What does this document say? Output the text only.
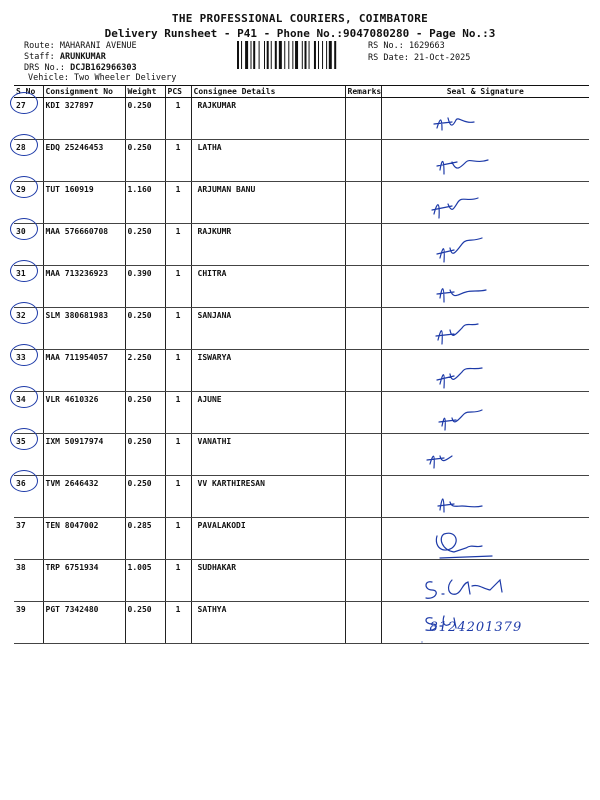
THE PROFESSIONAL COURIERS, COIMBATORE
Delivery Runsheet - P41 - Phone No.:9047080280 - Page No.:3
Route: MAHARANI AVENUE
Staff: ARUNKUMAR
DRS No.: DCJB162966303
Vehicle: Two Wheeler Delivery
RS No.: 1629663
RS Date: 21-Oct-2025
S No	Consignment No	Weight	PCS	Consignee Details	Remarks	Seal & Signature

27	KDI 327897	0.250	1	RAJKUMAR		

28	EDQ 25246453	0.250	1	LATHA		

29	TUT 160919	1.160	1	ARJUMAN BANU		

30	MAA 576660708	0.250	1	RAJKUMR		

31	MAA 713236923	0.390	1	CHITRA		

32	SLM 380681983	0.250	1	SANJANA		

33	MAA 711954057	2.250	1	ISWARYA		

34	VLR 4610326	0.250	1	AJUNE		

35	IXM 50917974	0.250	1	VANATHI		

36	TVM 2646432	0.250	1	VV KARTHIRESAN		

37	TEN 8047002	0.285	1	PAVALAKODI		

38	TRP 6751934	1.005	1	SUDHAKAR		

39	PGT 7342480	0.250	1	SATHYA		8124201379
